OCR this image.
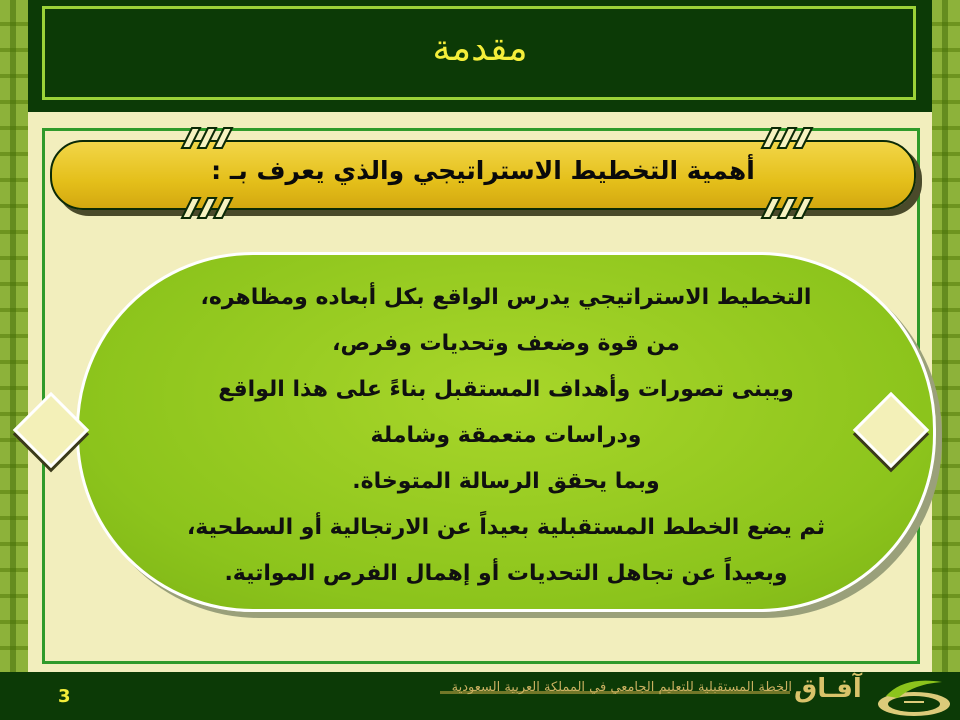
مقدمة
أهمية التخطيط الاستراتيجي والذي يعرف بـ :
التخطيط الاستراتيجي يدرس الواقع بكل أبعاده ومظاهره،
من قوة وضعف وتحديات وفرص،
ويبنى تصورات وأهداف المستقبل بناءً على هذا الواقع
ودراسات متعمقة وشاملة
وبما يحقق الرسالة المتوخاة.
ثم يضع الخطط المستقبلية بعيداً عن الارتجالية أو السطحية،
وبعيداً عن تجاهل التحديات أو إهمال الفرص المواتية.
3	الخطة المستقبلية للتعليم الجامعي في المملكة العربية السعودية آفـاق
